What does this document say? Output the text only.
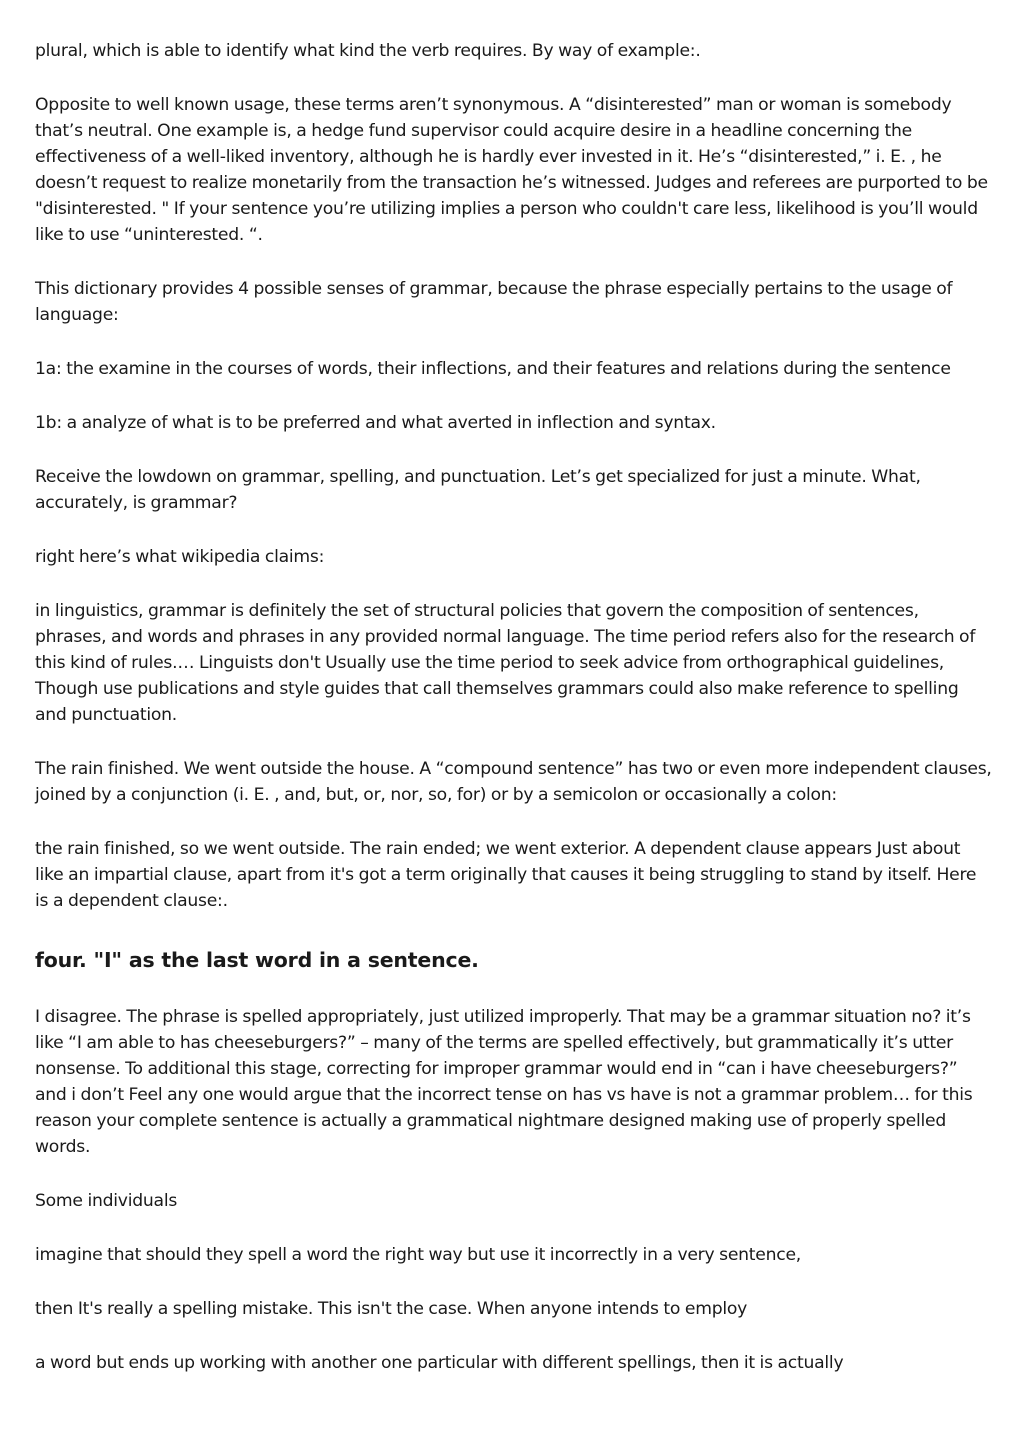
plural, which is able to identify what kind the verb requires. By way of example:.

Opposite to well known usage, these terms aren’t synonymous. A “disinterested” man or woman is somebody that’s neutral. One example is, a hedge fund supervisor could acquire desire in a headline concerning the effectiveness of a well-liked inventory, although he is hardly ever invested in it. He’s “disinterested,” i. E. , he doesn’t request to realize monetarily from the transaction he’s witnessed. Judges and referees are purported to be "disinterested. " If your sentence you’re utilizing implies a person who couldn't care less, likelihood is you’ll would like to use “uninterested. “.

This dictionary provides 4 possible senses of grammar, because the phrase especially pertains to the usage of language:

1a: the examine in the courses of words, their inflections, and their features and relations during the sentence

1b: a analyze of what is to be preferred and what averted in inflection and syntax.

Receive the lowdown on grammar, spelling, and punctuation. Let’s get specialized for just a minute. What, accurately, is grammar?

right here’s what wikipedia claims:

in linguistics, grammar is definitely the set of structural policies that govern the composition of sentences, phrases, and words and phrases in any provided normal language. The time period refers also for the research of this kind of rules.… Linguists don't Usually use the time period to seek advice from orthographical guidelines, Though use publications and style guides that call themselves grammars could also make reference to spelling and punctuation.

The rain finished. We went outside the house. A “compound sentence” has two or even more independent clauses, joined by a conjunction (i. E. , and, but, or, nor, so, for) or by a semicolon or occasionally a colon:

the rain finished, so we went outside. The rain ended; we went exterior. A dependent clause appears Just about like an impartial clause, apart from it's got a term originally that causes it being struggling to stand by itself. Here is a dependent clause:.

four. "I" as the last word in a sentence.

I disagree. The phrase is spelled appropriately, just utilized improperly. That may be a grammar situation no? it’s like “I am able to has cheeseburgers?” – many of the terms are spelled effectively, but grammatically it’s utter nonsense. To additional this stage, correcting for improper grammar would end in “can i have cheeseburgers?” and i don’t Feel any one would argue that the incorrect tense on has vs have is not a grammar problem… for this reason your complete sentence is actually a grammatical nightmare designed making use of properly spelled words.

Some individuals

imagine that should they spell a word the right way but use it incorrectly in a very sentence,

then It's really a spelling mistake. This isn't the case. When anyone intends to employ

a word but ends up working with another one particular with different spellings, then it is actually
